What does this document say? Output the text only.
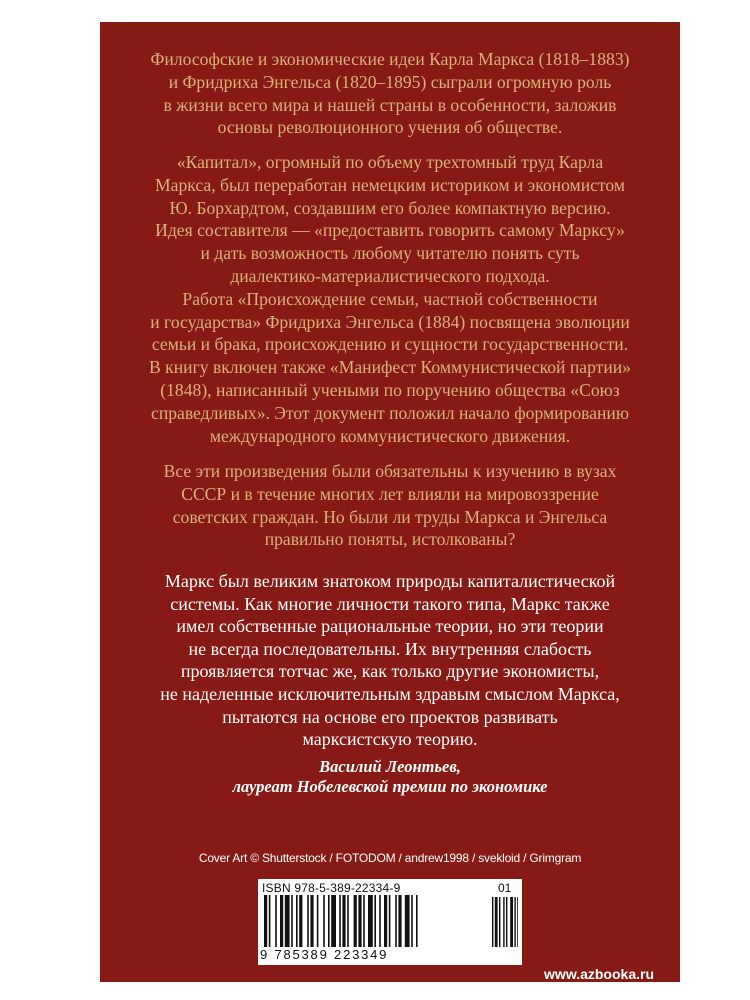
Философские и экономические идеи Карла Маркса (1818–1883)
и Фридриха Энгельса (1820–1895) сыграли огромную роль
в жизни всего мира и нашей страны в особенности, заложив
основы революционного учения об обществе.
«Капитал», огромный по объему трехтомный труд Карла
Маркса, был переработан немецким историком и экономистом
Ю. Борхардтом, создавшим его более компактную версию.
Идея составителя — «предоставить говорить самому Марксу»
и дать возможность любому читателю понять суть
диалектико-материалистического подхода.
Работа «Происхождение семьи, частной собственности
и государства» Фридриха Энгельса (1884) посвящена эволюции
семьи и брака, происхождению и сущности государственности.
В книгу включен также «Манифест Коммунистической партии»
(1848), написанный учеными по поручению общества «Союз
справедливых». Этот документ положил начало формированию
международного коммунистического движения.
Все эти произведения были обязательны к изучению в вузах
СССР и в течение многих лет влияли на мировоззрение
советских граждан. Но были ли труды Маркса и Энгельса
правильно поняты, истолкованы?
Маркс был великим знатоком природы капиталистической
системы. Как многие личности такого типа, Маркс также
имел собственные рациональные теории, но эти теории
не всегда последовательны. Их внутренняя слабость
проявляется тотчас же, как только другие экономисты,
не наделенные исключительным здравым смыслом Маркса,
пытаются на основе его проектов развивать
марксистскую теорию.
Василий Леонтьев,
лауреат Нобелевской премии по экономике
Cover Art © Shutterstock / FOTODOM / andrew1998 / svekloid / Grimgram
ISBN 978-5-389-22334-9	01
9 785389 223349
www.azbooka.ru
